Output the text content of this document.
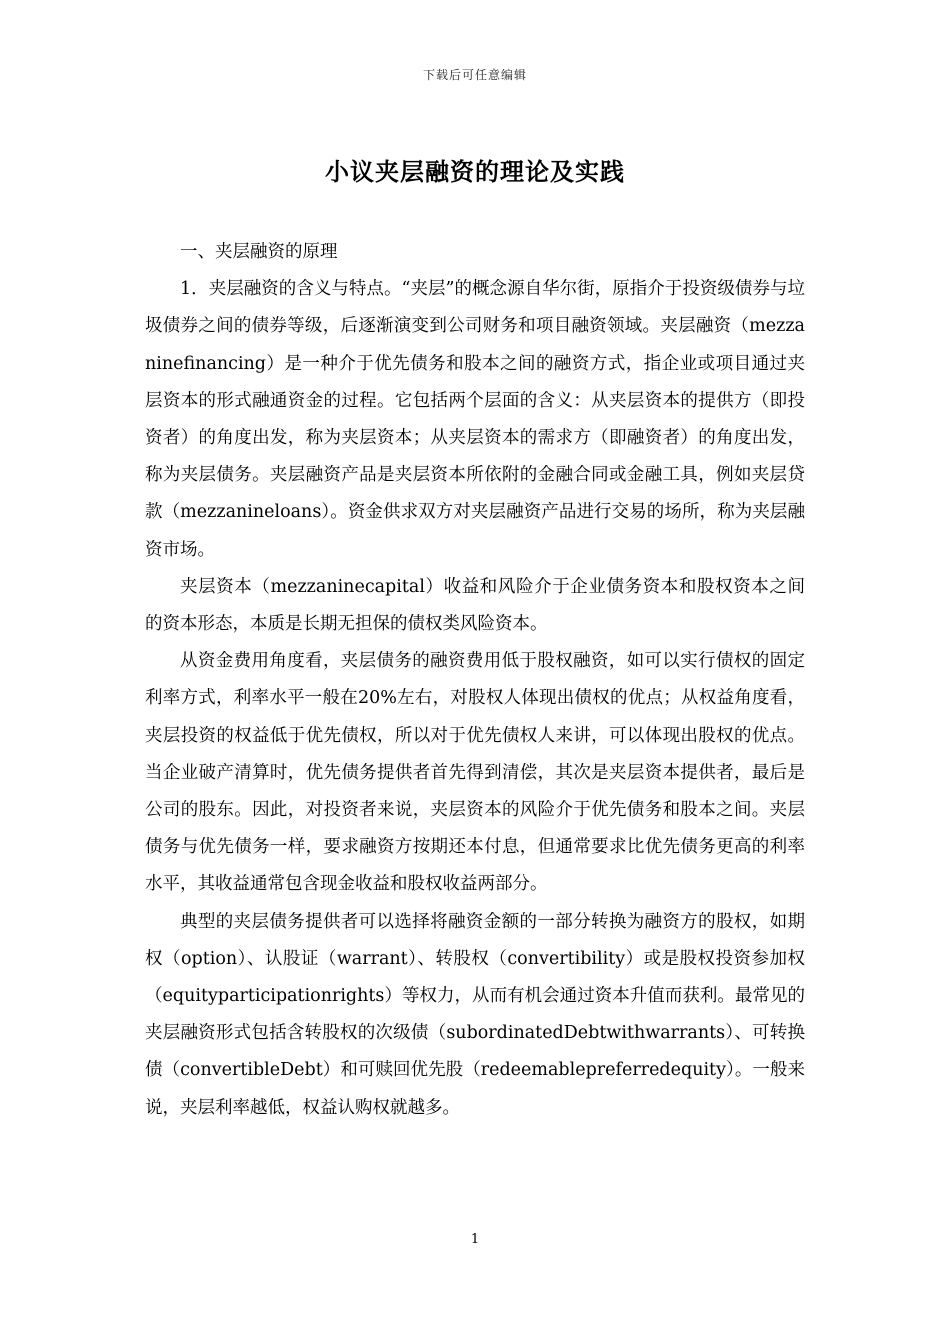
下载后可任意编辑
小议夹层融资的理论及实践

一、夹层融资的原理

1．夹层融资的含义与特点。“夹层”的概念源自华尔街，原指介于投资级债券与垃圾债券之间的债券等级，后逐渐演变到公司财务和项目融资领域。夹层融资（mezzaninefinancing）是一种介于优先债务和股本之间的融资方式，指企业或项目通过夹层资本的形式融通资金的过程。它包括两个层面的含义：从夹层资本的提供方（即投资者）的角度出发，称为夹层资本；从夹层资本的需求方（即融资者）的角度出发，称为夹层债务。夹层融资产品是夹层资本所依附的金融合同或金融工具，例如夹层贷款（mezzanineloans）。资金供求双方对夹层融资产品进行交易的场所，称为夹层融资市场。

夹层资本（mezzaninecapital）收益和风险介于企业债务资本和股权资本之间的资本形态，本质是长期无担保的债权类风险资本。

从资金费用角度看，夹层债务的融资费用低于股权融资，如可以实行债权的固定利率方式，利率水平一般在20%左右，对股权人体现出债权的优点；从权益角度看，夹层投资的权益低于优先债权，所以对于优先债权人来讲，可以体现出股权的优点。当企业破产清算时，优先债务提供者首先得到清偿，其次是夹层资本提供者，最后是公司的股东。因此，对投资者来说，夹层资本的风险介于优先债务和股本之间。夹层债务与优先债务一样，要求融资方按期还本付息，但通常要求比优先债务更高的利率水平，其收益通常包含现金收益和股权收益两部分。

典型的夹层债务提供者可以选择将融资金额的一部分转换为融资方的股权，如期权（option）、认股证（warrant）、转股权（convertibility）或是股权投资参加权（equityparticipationrights）等权力，从而有机会通过资本升值而获利。最常见的夹层融资形式包括含转股权的次级债（subordinatedDebtwithwarrants）、可转换债（convertibleDebt）和可赎回优先股（redeemablepreferredequity）。一般来说，夹层利率越低，权益认购权就越多。

1
